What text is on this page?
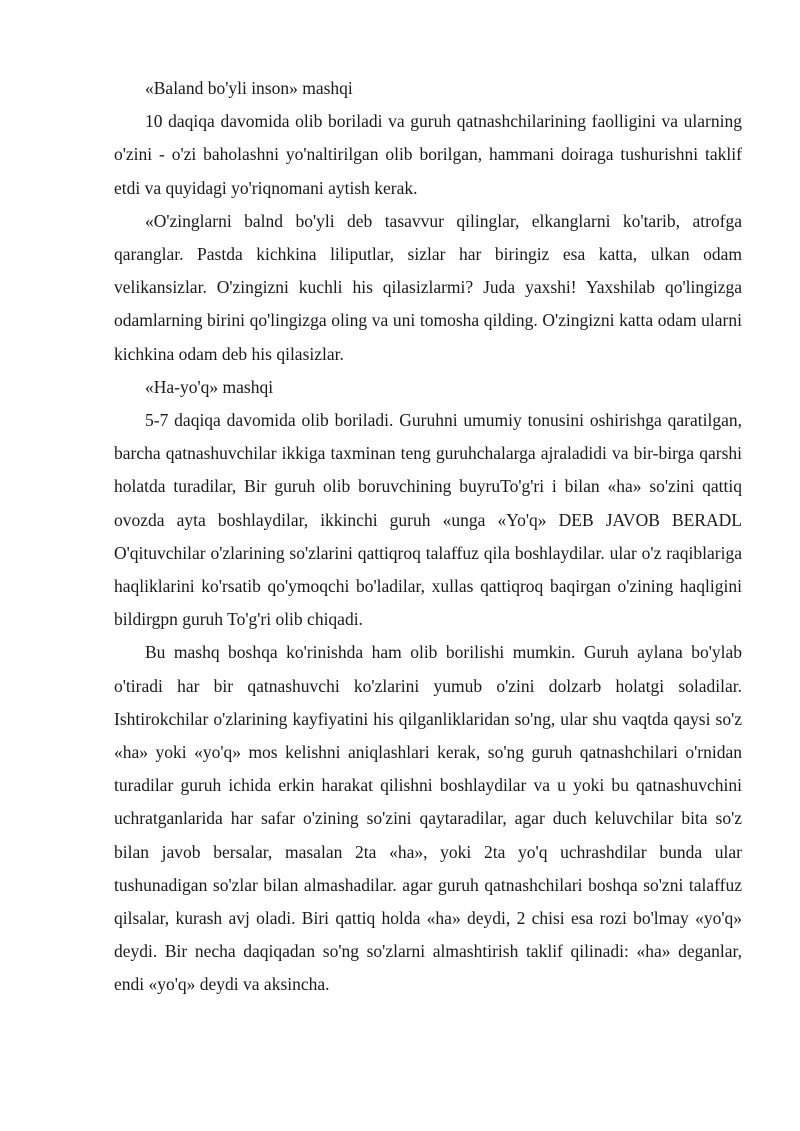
«Baland bo'yli inson» mashqi

10 daqiqa davomida olib boriladi va guruh qatnashchilarining faolligini va ularning o'zini - o'zi baholashni yo'naltirilgan olib borilgan, hammani doiraga tushurishni taklif etdi va quyidagi yo'riqnomani aytish kerak.

«O'zinglarni balnd bo'yli deb tasavvur qilinglar, elkanglarni ko'tarib, atrofga qaranglar. Pastda kichkina liliputlar, sizlar har biringiz esa katta, ulkan odam velikansizlar. O'zingizni kuchli his qilasizlarmi? Juda yaxshi! Yaxshilab qo'lingizga odamlarning birini qo'lingizga oling va uni tomosha qilding. O'zingizni katta odam ularni kichkina odam deb his qilasizlar.

«Ha-yo'q» mashqi

5-7 daqiqa davomida olib boriladi. Guruhni umumiy tonusini oshirishga qaratilgan, barcha qatnashuvchilar ikkiga taxminan teng guruhchalarga ajraladidi va bir-birga qarshi holatda turadilar, Bir guruh olib boruvchining buyruTo'g'ri i bilan «ha» so'zini qattiq ovozda ayta boshlaydilar, ikkinchi guruh «unga «Yo'q» DEB JAVOB BERADL O'qituvchilar o'zlarining so'zlarini qattiqroq talaffuz qila boshlaydilar. ular o'z raqiblariga haqliklarini ko'rsatib qo'ymoqchi bo'ladilar, xullas qattiqroq baqirgan o'zining haqligini bildirgpn guruh To'g'ri olib chiqadi.

Bu mashq boshqa ko'rinishda ham olib borilishi mumkin. Guruh aylana bo'ylab o'tiradi har bir qatnashuvchi ko'zlarini yumub o'zini dolzarb holatgi soladilar. Ishtirokchilar o'zlarining kayfiyatini his qilganliklaridan so'ng, ular shu vaqtda qaysi so'z «ha» yoki «yo'q» mos kelishni aniqlashlari kerak, so'ng guruh qatnashchilari o'rnidan turadilar guruh ichida erkin harakat qilishni boshlaydilar va u yoki bu qatnashuvchini uchratganlarida har safar o'zining so'zini qaytaradilar, agar duch keluvchilar bita so'z bilan javob bersalar, masalan 2ta «ha», yoki 2ta yo'q uchrashdilar bunda ular tushunadigan so'zlar bilan almashadilar. agar guruh qatnashchilari boshqa so'zni talaffuz qilsalar, kurash avj oladi. Biri qattiq holda «ha» deydi, 2 chisi esa rozi bo'lmay «yo'q» deydi. Bir necha daqiqadan so'ng so'zlarni almashtirish taklif qilinadi: «ha» deganlar, endi «yo'q» deydi va aksincha.
